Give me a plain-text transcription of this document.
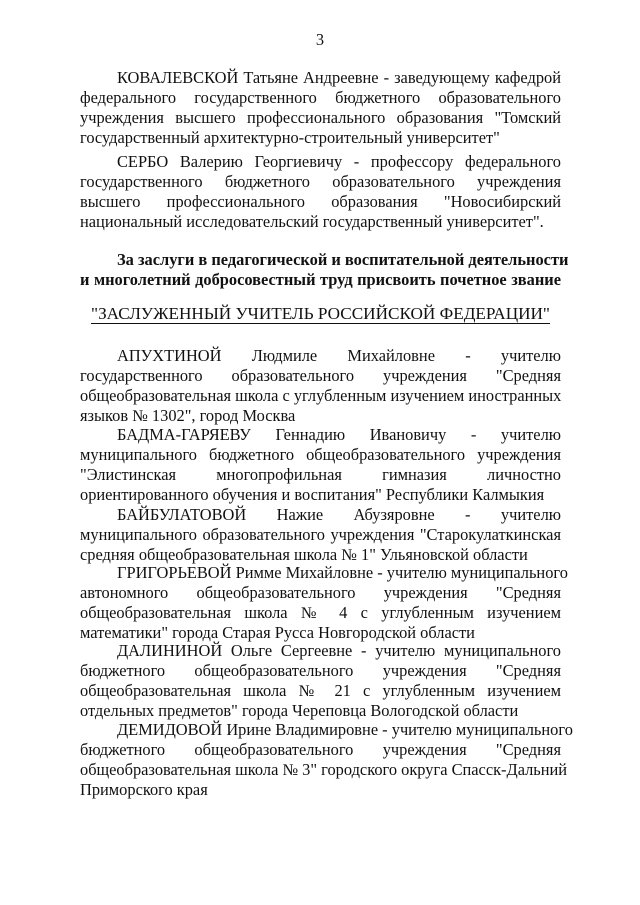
3
КОВАЛЕВСКОЙ Татьяне Андреевне - заведующему кафедрой
федерального государственного бюджетного образовательного
учреждения высшего профессионального образования "Томский
государственный архитектурно-строительный университет"
СЕРБО Валерию Георгиевичу - профессору федерального
государственного бюджетного образовательного учреждения
высшего профессионального образования "Новосибирский
национальный исследовательский государственный университет".
За заслуги в педагогической и воспитательной деятельности
и многолетний добросовестный труд присвоить почетное звание
"ЗАСЛУЖЕННЫЙ УЧИТЕЛЬ РОССИЙСКОЙ ФЕДЕРАЦИИ"
АПУХТИНОЙ Людмиле Михайловне - учителю
государственного образовательного учреждения "Средняя
общеобразовательная школа с углубленным изучением иностранных
языков № 1302", город Москва
БАДМА-ГАРЯЕВУ Геннадию Ивановичу - учителю
муниципального бюджетного общеобразовательного учреждения
"Элистинская многопрофильная гимназия личностно
ориентированного обучения и воспитания" Республики Калмыкия
БАЙБУЛАТОВОЙ Нажие Абузяровне - учителю
муниципального образовательного учреждения "Старокулаткинская
средняя общеобразовательная школа № 1" Ульяновской области
ГРИГОРЬЕВОЙ Римме Михайловне - учителю муниципального
автономного общеобразовательного учреждения "Средняя
общеобразовательная школа № 4 с углубленным изучением
математики" города Старая Русса Новгородской области
ДАЛИНИНОЙ Ольге Сергеевне - учителю муниципального
бюджетного общеобразовательного учреждения "Средняя
общеобразовательная школа № 21 с углубленным изучением
отдельных предметов" города Череповца Вологодской области
ДЕМИДОВОЙ Ирине Владимировне - учителю муниципального
бюджетного общеобразовательного учреждения "Средняя
общеобразовательная школа № 3" городского округа Спасск-Дальний
Приморского края
